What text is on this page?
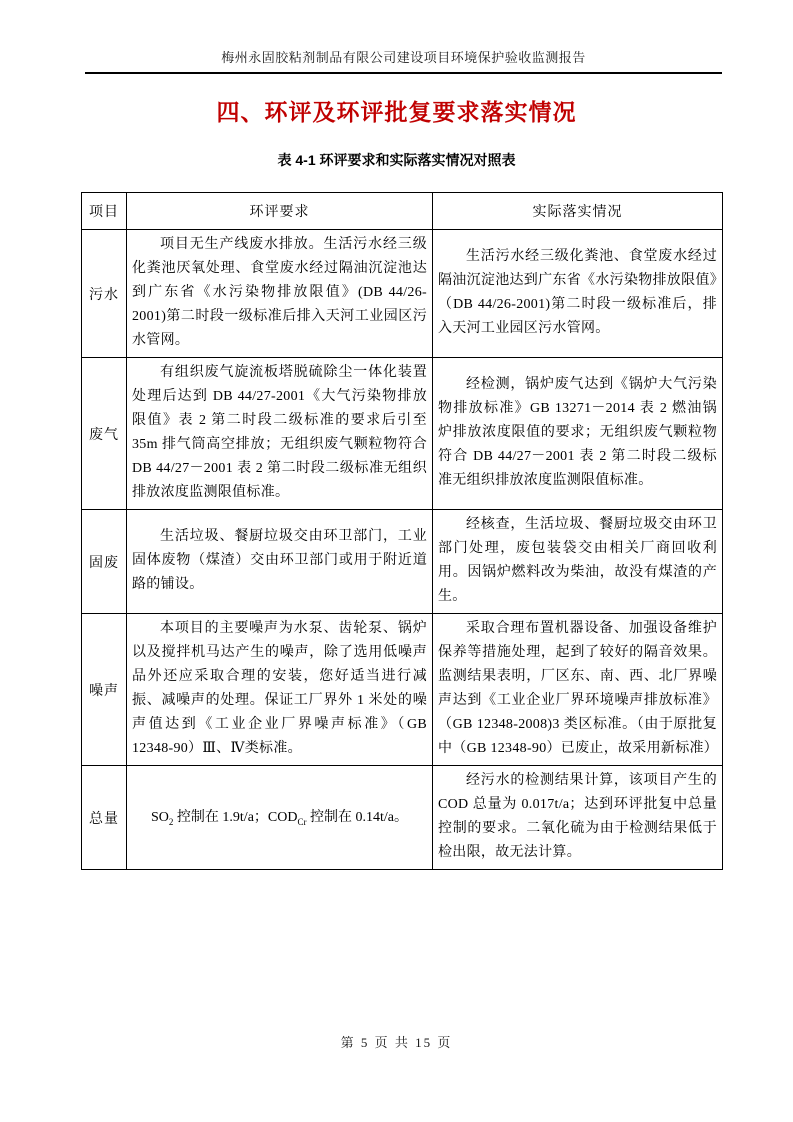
梅州永固胶粘剂制品有限公司建设项目环境保护验收监测报告
四、环评及环评批复要求落实情况
表 4-1 环评要求和实际落实情况对照表
项目	环评要求	实际落实情况
污水	项目无生产线废水排放。生活污水经三级化粪池厌氧处理、食堂废水经过隔油沉淀池达到广东省《水污染物排放限值》(DB 44/26-2001)第二时段一级标准后排入天河工业园区污水管网。	生活污水经三级化粪池、食堂废水经过隔油沉淀池达到广东省《水污染物排放限值》（DB 44/26-2001)第二时段一级标准后，排入天河工业园区污水管网。

废气	有组织废气旋流板塔脱硫除尘一体化装置处理后达到 DB 44/27-2001《大气污染物排放限值》表 2 第二时段二级标准的要求后引至 35m 排气筒高空排放；无组织废气颗粒物符合 DB 44/27－2001 表 2 第二时段二级标准无组织排放浓度监测限值标准。	经检测，锅炉废气达到《锅炉大气污染物排放标准》GB 13271－2014 表 2 燃油锅炉排放浓度限值的要求；无组织废气颗粒物符合 DB 44/27－2001 表 2 第二时段二级标准无组织排放浓度监测限值标准。

固废	生活垃圾、餐厨垃圾交由环卫部门，工业固体废物（煤渣）交由环卫部门或用于附近道路的铺设。	经核查，生活垃圾、餐厨垃圾交由环卫部门处理，废包装袋交由相关厂商回收利用。因锅炉燃料改为柴油，故没有煤渣的产生。

噪声	本项目的主要噪声为水泵、齿轮泵、锅炉以及搅拌机马达产生的噪声，除了选用低噪声品外还应采取合理的安装，您好适当进行减振、减噪声的处理。保证工厂界外 1 米处的噪声值达到《工业企业厂界噪声标准》（GB 12348-90）Ⅲ、Ⅳ类标准。	采取合理布置机器设备、加强设备维护保养等措施处理，起到了较好的隔音效果。监测结果表明，厂区东、南、西、北厂界噪声达到《工业企业厂界环境噪声排放标准》（GB 12348-2008)3 类区标准。（由于原批复中（GB 12348-90）已废止，故采用新标准）

总量	$SO_2$ 控制在 1.9t/a；$COD_{Cr}$ 控制在 0.14t/a。	经污水的检测结果计算，该项目产生的 COD 总量为 0.017t/a；达到环评批复中总量控制的要求。二氧化硫为由于检测结果低于检出限，故无法计算。

第 5 页 共 15 页
